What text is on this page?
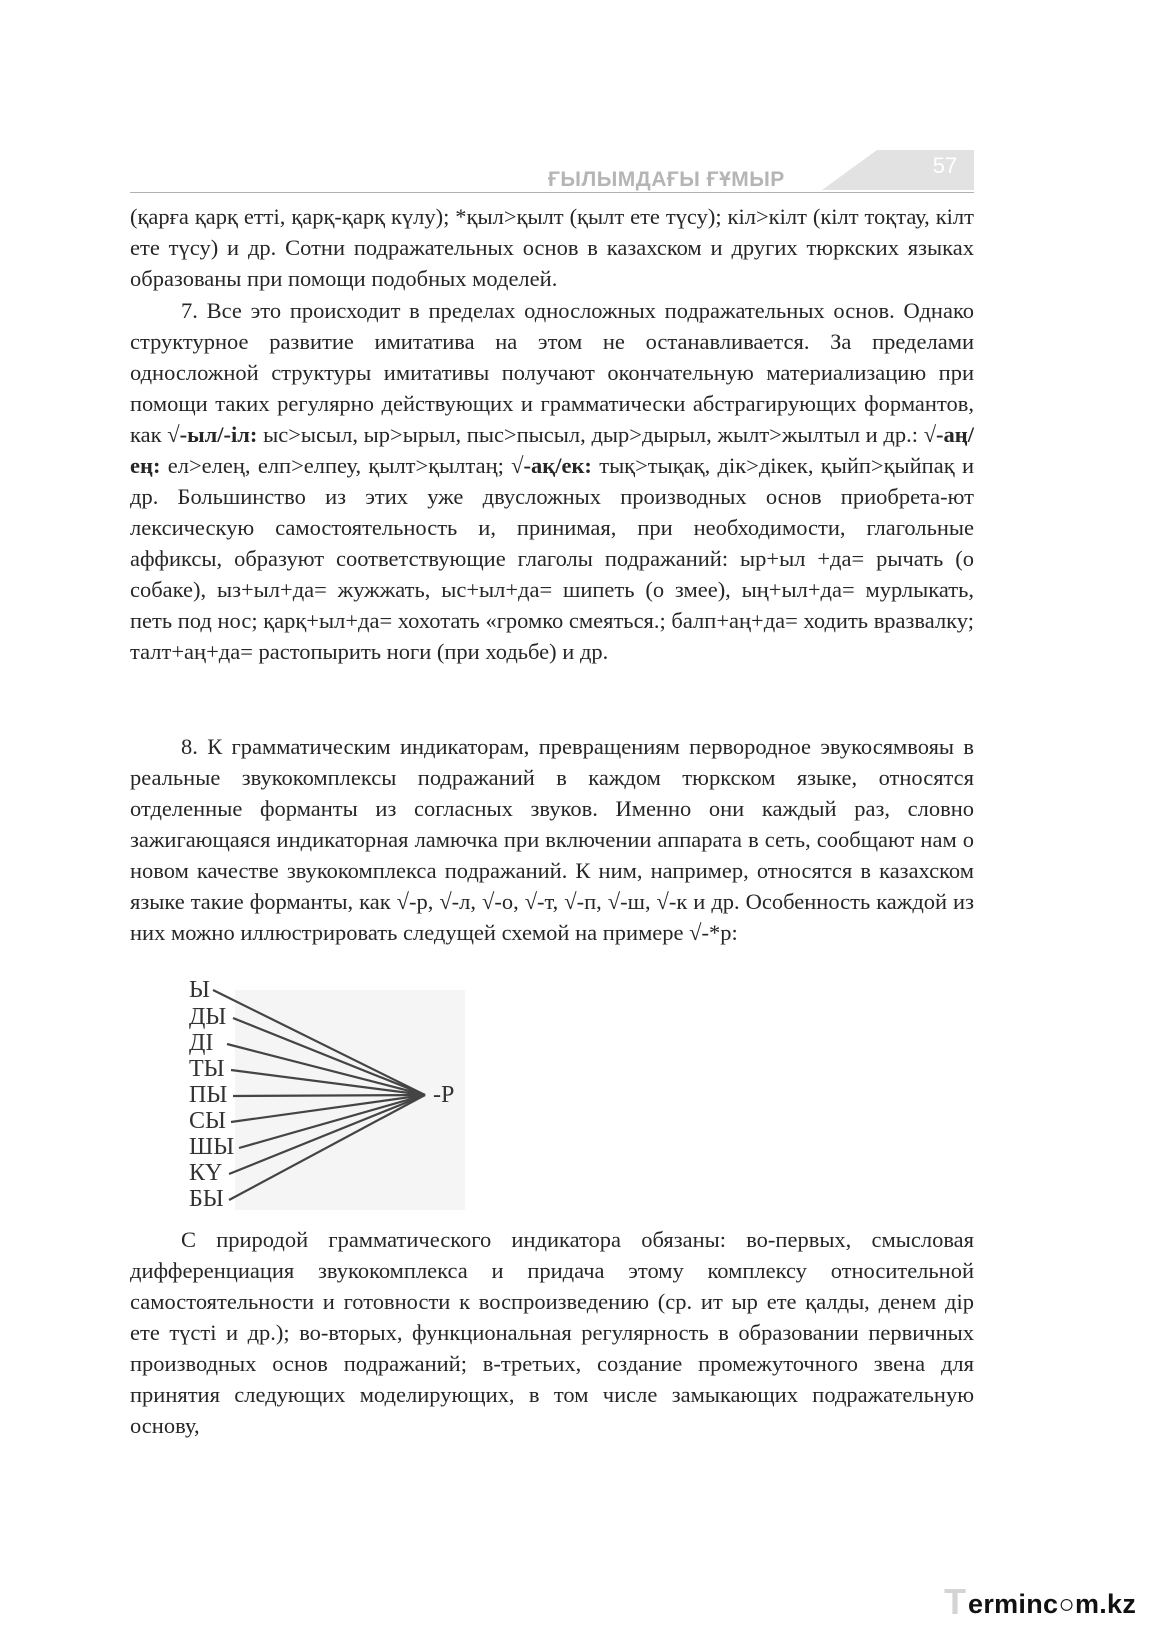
ҒЫЛЫМДАҒЫ ҒҰМЫР
57

(қарға қарқ етті, қарқ-қарқ күлу); *қыл>қылт (қылт ете түсу); кіл>кілт (кілт тоқтау, кілт ете түсу) и др. Сотни подражательных основ в казахском и других тюркских языках образованы при помощи подобных моделей.

7. Все это происходит в пределах односложных подражательных основ. Однако структурное развитие имитатива на этом не останавливается. За пределами односложной структуры имитативы получают окончательную материализацию при помощи таких регулярно действующих и грамматически абстрагирующих формантов, как √-ыл/-іл: ыс>ысыл, ыр>ырыл, пыс>пысыл, дыр>дырыл, жылт>жылтыл и др.: √-аң/ең: ел>елең, елп>елпеу, қылт>қылтаң; √-ақ/ек: тық>тықақ, дік>дікек, қыйп>қыйпақ и др. Большинство из этих уже двусложных производных основ приобрета-ют лексическую самостоятельность и, принимая, при необходимости, глагольные аффиксы, образуют соответствующие глаголы подражаний: ыр+ыл +да= рычать (о собаке), ыз+ыл+да= жужжать, ыс+ыл+да= шипеть (о змее), ың+ыл+да= мурлыкать, петь под нос; қарқ+ыл+да= хохотать «громко смеяться.; балп+аң+да= ходить вразвалку; талт+аң+да= растопырить ноги (при ходьбе) и др.

8. К грамматическим индикаторам, превращениям первородное эвукосямвояы в реальные звукокомплексы подражаний в каждом тюркском языке, относятся отделенные форманты из согласных звуков. Именно они каждый раз, словно зажигающаяся индикаторная ламючка при включении аппарата в сеть, сообщают нам о новом качестве звукокомплекса подражаний. К ним, например, относятся в казахском языке такие форманты, как √-р, √-л, √-о, √-т, √-п, √-ш, √-к и др. Особенность каждой из них можно иллюстрировать следущей схемой на примере √-*р:

Ы
ДЫ
ДІ
ТЫ
ПЫ
СЫ
ШЫ
КҮ
БЫ
-Р

С природой грамматического индикатора обязаны: во-первых, смысловая дифференциация звукокомплекса и придача этому комплексу относительной самостоятельности и готовности к воспроизведению (ср. ит ыр ете қалды, денем дір ете түсті и др.); во-вторых, функциональная регулярность в образовании первичных производных основ подражаний; в-третьих, создание промежуточного звена для принятия следующих моделирующих, в том числе замыкающих подражательную основу,

T erminc○m.kz
